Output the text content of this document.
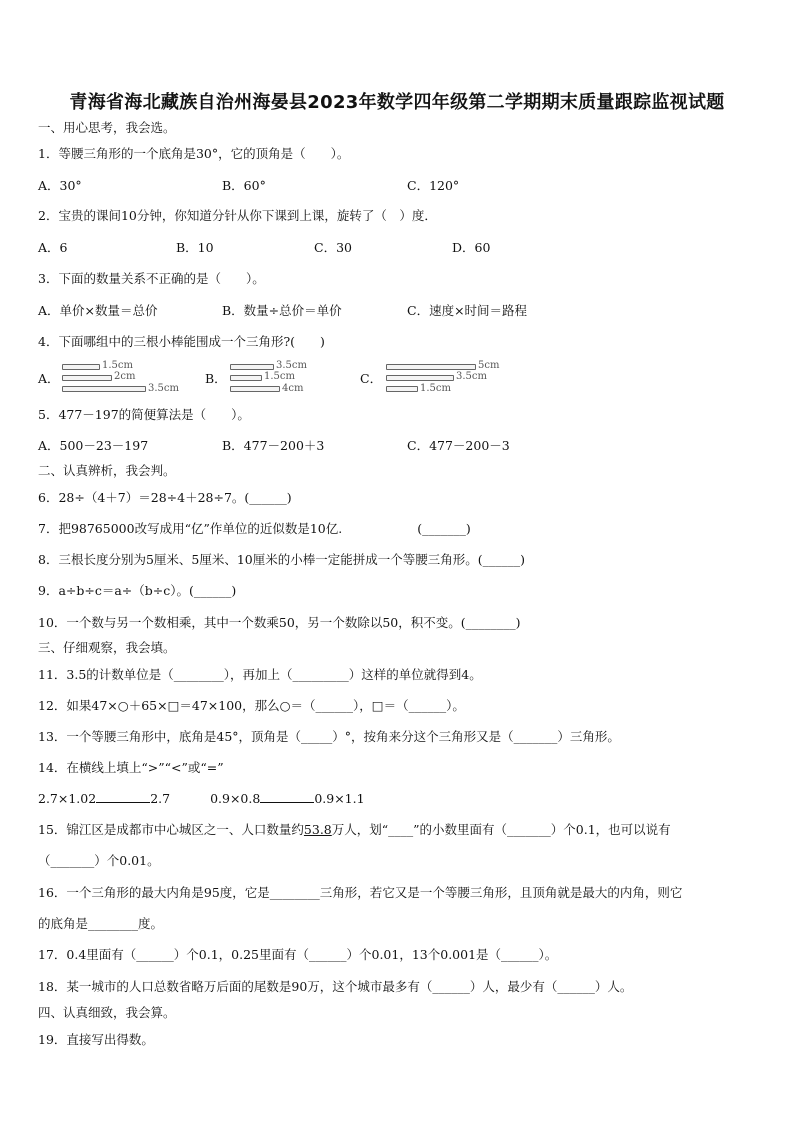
青海省海北藏族自治州海晏县2023年数学四年级第二学期期末质量跟踪监视试题
一、用心思考，我会选。
1．等腰三角形的一个底角是30°，它的顶角是（　　）。
A．30°	B．60°	C．120°
2．宝贵的课间10分钟，你知道分针从你下课到上课，旋转了（　）度．
A．6	B．10	C．30	D．60
3．下面的数量关系不正确的是（　　）。
A．单价×数量＝总价	B．数量÷总价＝单价	C．速度×时间＝路程
4．下面哪组中的三根小棒能围成一个三角形?(　　)
A．
1.5cm
2cm
3.5cm
B．
3.5cm
1.5cm
4cm
C．
5cm
3.5cm
1.5cm
5．477－197的简便算法是（　　）。
A．500－23－197	B．477－200＋3	C．477－200－3
二、认真辨析，我会判。
6．28÷（4＋7）＝28÷4＋28÷7。(______)
7．把98765000改写成用“亿”作单位的近似数是10亿.　　　　　　(_______)
8．三根长度分别为5厘米、5厘米、10厘米的小棒一定能拼成一个等腰三角形。(______)
9．a÷b÷c＝a÷（b÷c）。(______)
10．一个数与另一个数相乘，其中一个数乘50，另一个数除以50，积不变。(________)
三、仔细观察，我会填。
11．3.5的计数单位是（________），再加上（_________）这样的单位就得到4。
12．如果47×○＋65×□＝47×100，那么○＝（______），□＝（______）。
13．一个等腰三角形中，底角是45°，顶角是（_____）°，按角来分这个三角形又是（_______）三角形。
14．在横线上填上“>”“<”或“=”
2.7×1.02	2.7	0.9×0.8	0.9×1.1
15．锦江区是成都市中心城区之一、人口数量约53.8万人，划“____”的小数里面有（_______）个0.1，也可以说有
（_______）个0.01。
16．一个三角形的最大内角是95度，它是________三角形，若它又是一个等腰三角形，且顶角就是最大的内角，则它
的底角是________度。
17．0.4里面有（______）个0.1，0.25里面有（______）个0.01，13个0.001是（______）。
18．某一城市的人口总数省略万后面的尾数是90万，这个城市最多有（______）人，最少有（______）人。
四、认真细致，我会算。
19．直接写出得数。
